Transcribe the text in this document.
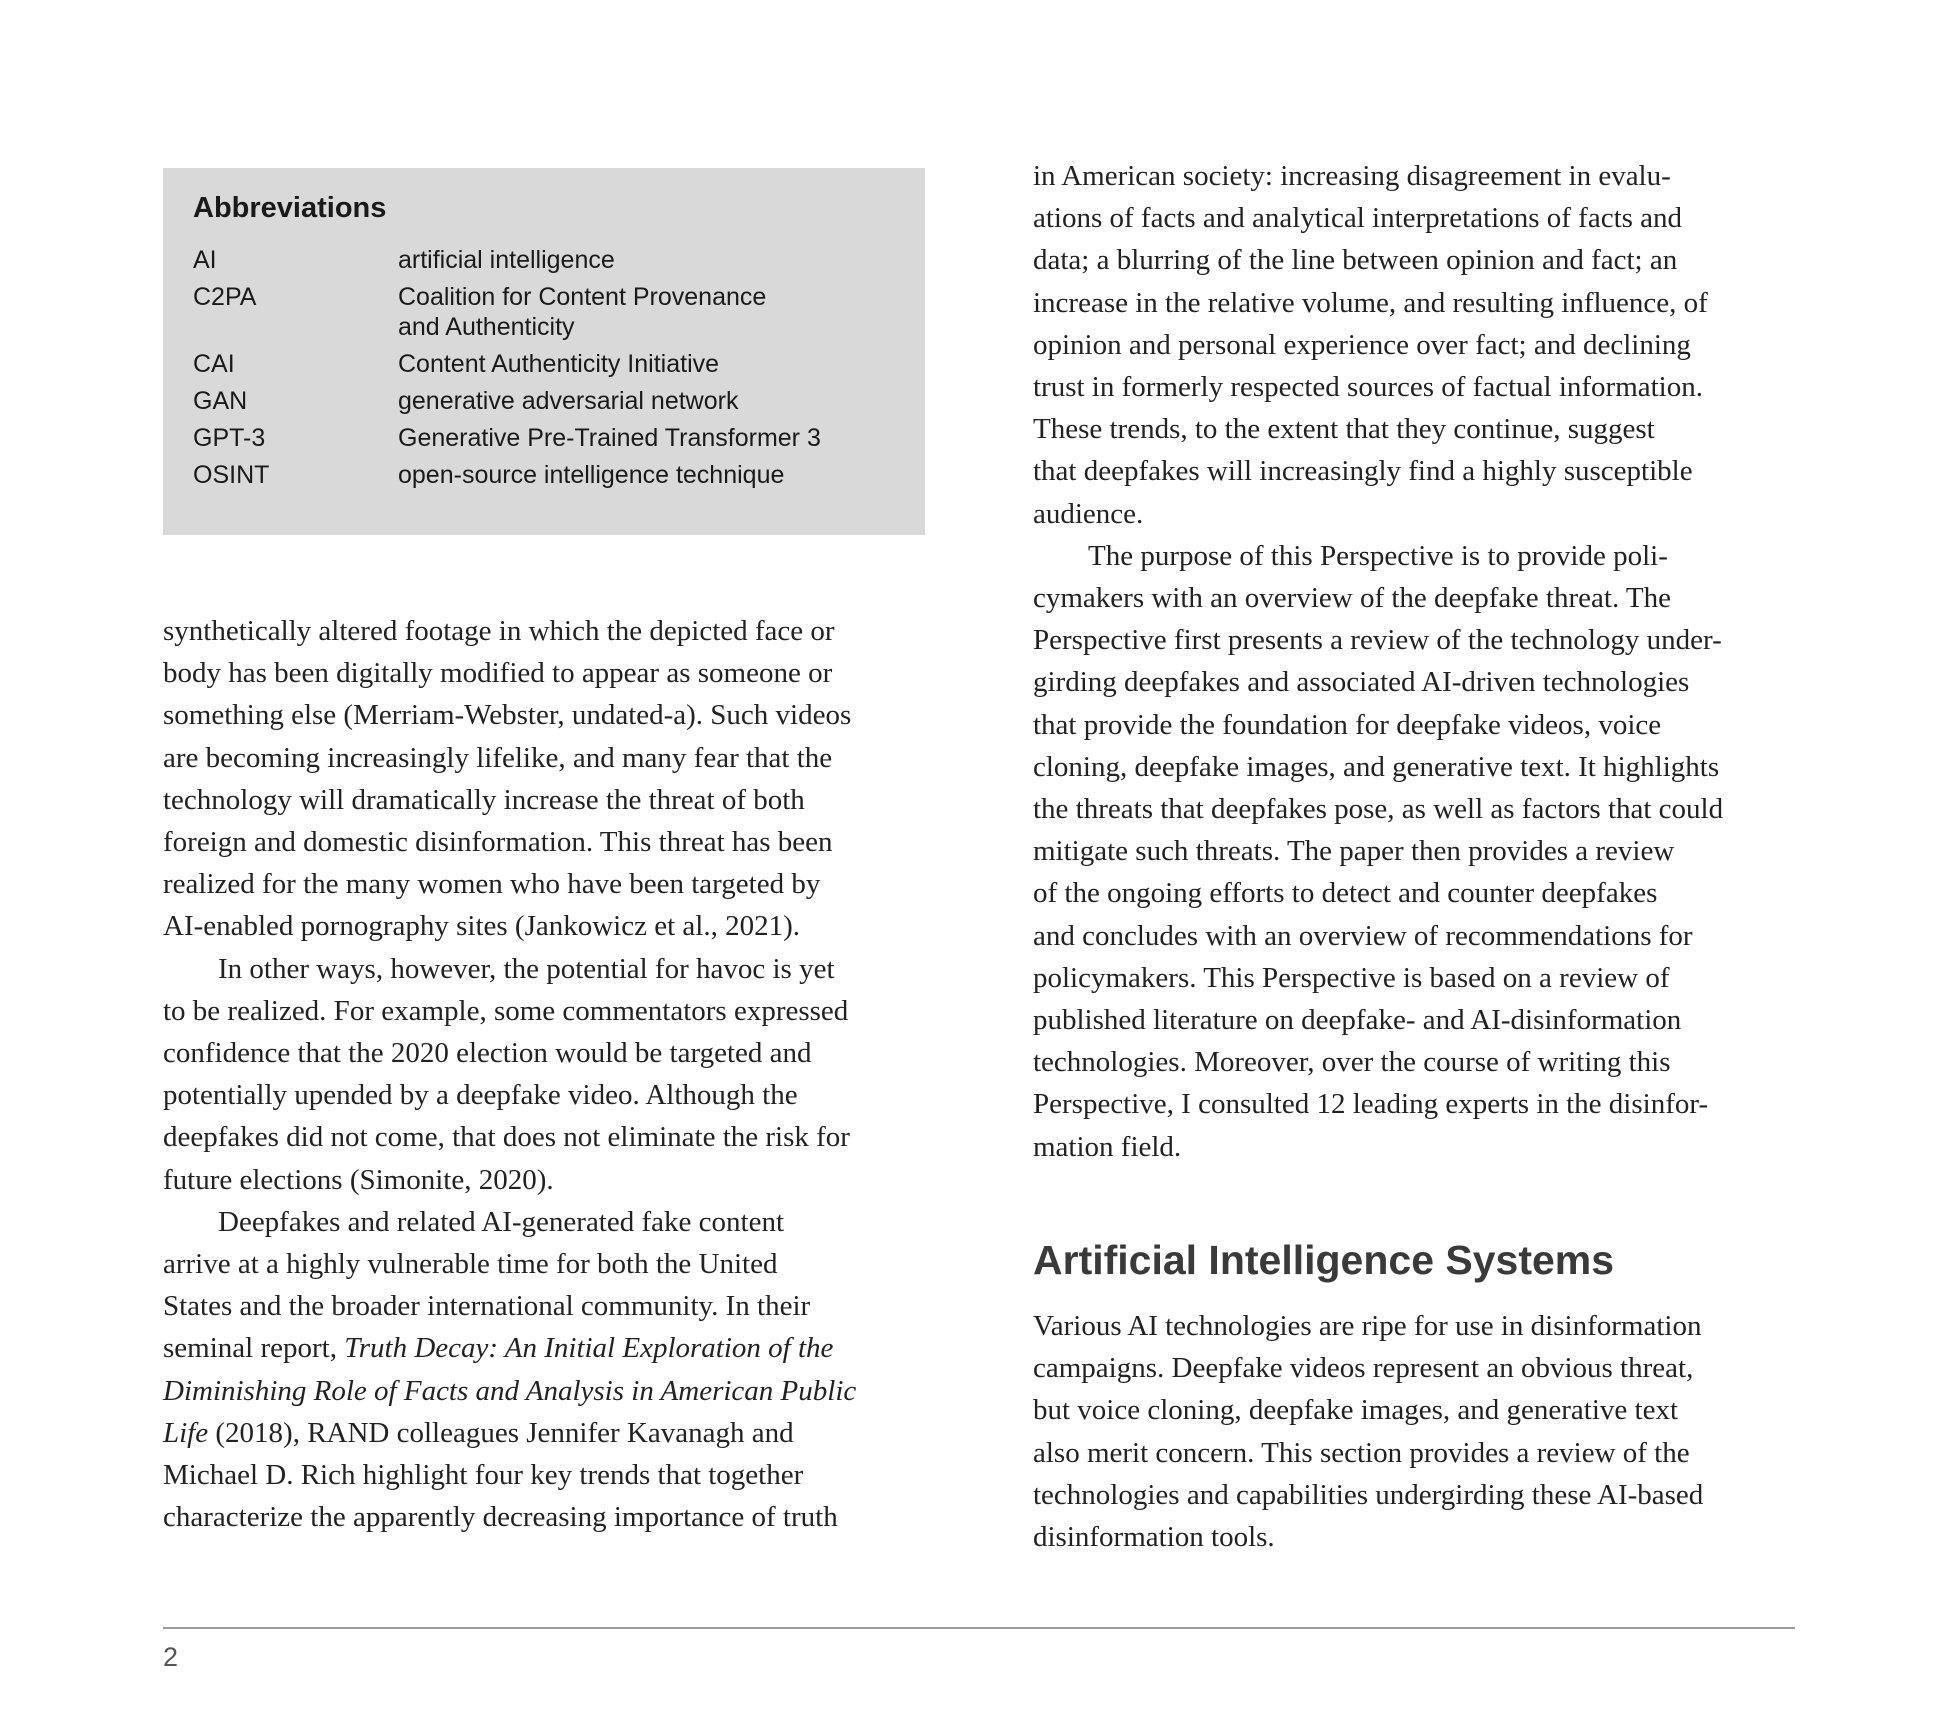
Abbreviations
AI	artificial intelligence
C2PA	Coalition for Content Provenance
and Authenticity
CAI	Content Authenticity Initiative
GAN	generative adversarial network
GPT-3	Generative Pre-Trained Transformer 3
OSINT	open-source intelligence technique

synthetically altered footage in which the depicted face or
body has been digitally modified to appear as someone or
something else (Merriam-Webster, undated-a). Such videos
are becoming increasingly lifelike, and many fear that the
technology will dramatically increase the threat of both
foreign and domestic disinformation. This threat has been
realized for the many women who have been targeted by
AI-enabled pornography sites (Jankowicz et al., 2021).

In other ways, however, the potential for havoc is yet
to be realized. For example, some commentators expressed
confidence that the 2020 election would be targeted and
potentially upended by a deepfake video. Although the
deepfakes did not come, that does not eliminate the risk for
future elections (Simonite, 2020).

Deepfakes and related AI-generated fake content
arrive at a highly vulnerable time for both the United
States and the broader international community. In their
seminal report, Truth Decay: An Initial Exploration of the
Diminishing Role of Facts and Analysis in American Public
Life (2018), RAND colleagues Jennifer Kavanagh and
Michael D. Rich highlight four key trends that together
characterize the apparently decreasing importance of truth

in American society: increasing disagreement in evalu-
ations of facts and analytical interpretations of facts and
data; a blurring of the line between opinion and fact; an
increase in the relative volume, and resulting influence, of
opinion and personal experience over fact; and declining
trust in formerly respected sources of factual information.
These trends, to the extent that they continue, suggest
that deepfakes will increasingly find a highly susceptible
audience.

The purpose of this Perspective is to provide poli-
cymakers with an overview of the deepfake threat. The
Perspective first presents a review of the technology under-
girding deepfakes and associated AI-driven technologies
that provide the foundation for deepfake videos, voice
cloning, deepfake images, and generative text. It highlights
the threats that deepfakes pose, as well as factors that could
mitigate such threats. The paper then provides a review
of the ongoing efforts to detect and counter deepfakes
and concludes with an overview of recommendations for
policymakers. This Perspective is based on a review of
published literature on deepfake- and AI-disinformation
technologies. Moreover, over the course of writing this
Perspective, I consulted 12 leading experts in the disinfor-
mation field.

Artificial Intelligence Systems

Various AI technologies are ripe for use in disinformation
campaigns. Deepfake videos represent an obvious threat,
but voice cloning, deepfake images, and generative text
also merit concern. This section provides a review of the
technologies and capabilities undergirding these AI-based
disinformation tools.

2
